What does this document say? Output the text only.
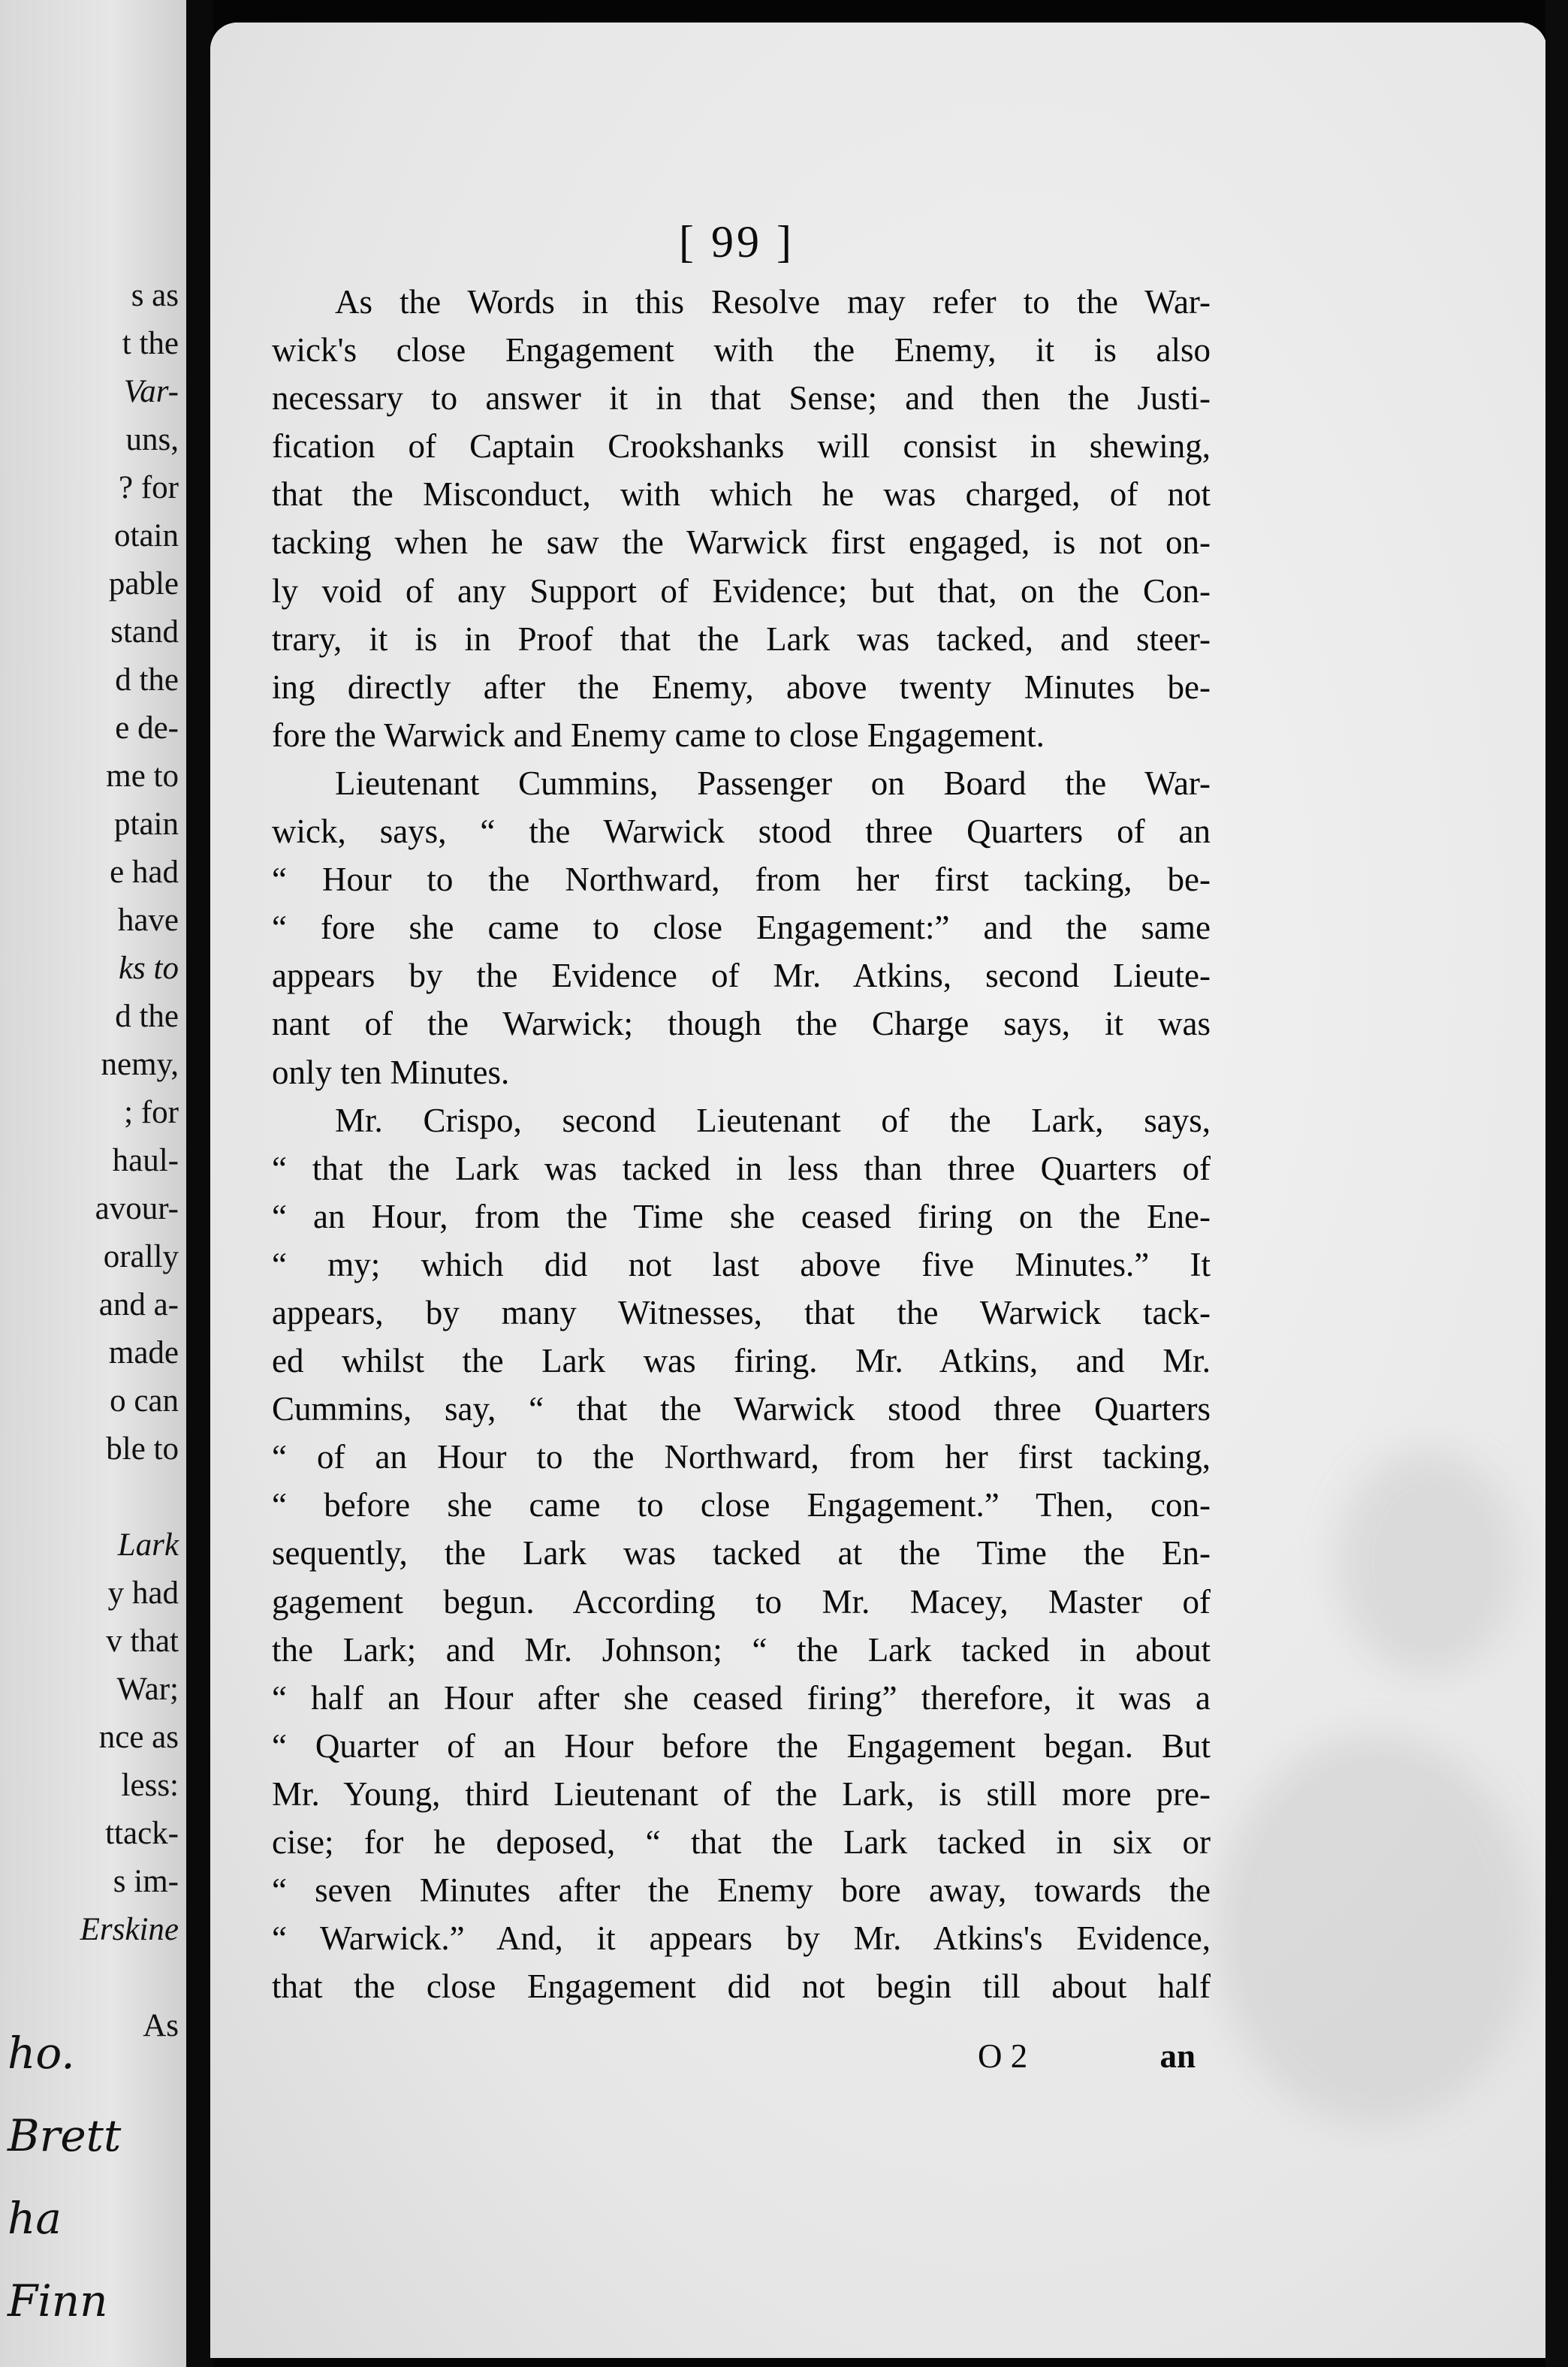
s as
t the
Var-
uns,
? for
otain
pable
stand
d the
e de-
me to
ptain
e had
have
ks to
d the
nemy,
; for
haul-
avour-
orally
and a-
made
o can
ble to
Lark
y had
v that
War;
nce as
less:
ttack-
s im-
Erskine
As
ho.
Brett
ha
Finn
[ 99 ]
As the Words in this Resolve may refer to the War-
wick's close Engagement with the Enemy, it is also
necessary to answer it in that Sense; and then the Justi-
fication of Captain Crookshanks will consist in shewing,
that the Misconduct, with which he was charged, of not
tacking when he saw the Warwick first engaged, is not on-
ly void of any Support of Evidence; but that, on the Con-
trary, it is in Proof that the Lark was tacked, and steer-
ing directly after the Enemy, above twenty Minutes be-
fore the Warwick and Enemy came to close Engagement.
Lieutenant Cummins, Passenger on Board the War-
wick, says, “ the Warwick stood three Quarters of an
“ Hour to the Northward, from her first tacking, be-
“ fore she came to close Engagement:” and the same
appears by the Evidence of Mr. Atkins, second Lieute-
nant of the Warwick; though the Charge says, it was
only ten Minutes.
Mr. Crispo, second Lieutenant of the Lark, says,
“ that the Lark was tacked in less than three Quarters of
“ an Hour, from the Time she ceased firing on the Ene-
“ my; which did not last above five Minutes.” It
appears, by many Witnesses, that the Warwick tack-
ed whilst the Lark was firing. Mr. Atkins, and Mr.
Cummins, say, “ that the Warwick stood three Quarters
“ of an Hour to the Northward, from her first tacking,
“ before she came to close Engagement.” Then, con-
sequently, the Lark was tacked at the Time the En-
gagement begun. According to Mr. Macey, Master of
the Lark; and Mr. Johnson; “ the Lark tacked in about
“ half an Hour after she ceased firing” therefore, it was a
“ Quarter of an Hour before the Engagement began. But
Mr. Young, third Lieutenant of the Lark, is still more pre-
cise; for he deposed, “ that the Lark tacked in six or
“ seven Minutes after the Enemy bore away, towards the
“ Warwick.” And, it appears by Mr. Atkins's Evidence,
that the close Engagement did not begin till about half
O 2	an
